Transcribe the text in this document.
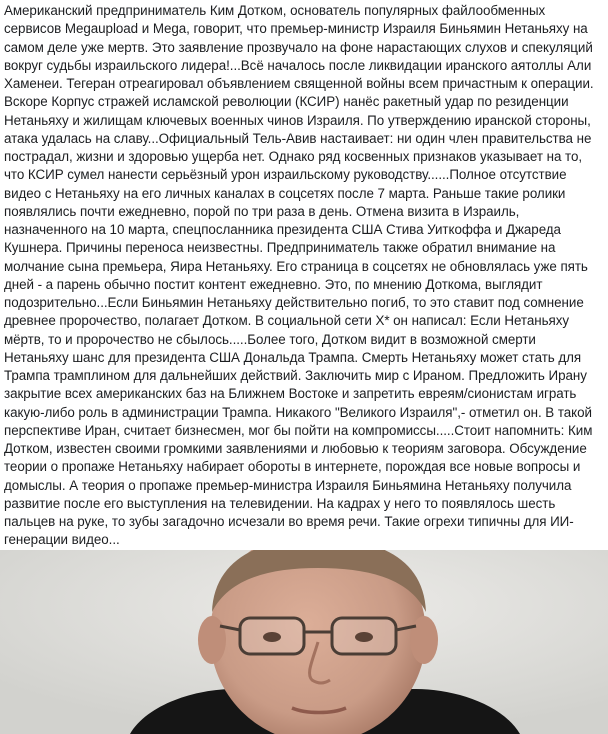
Американский предприниматель Ким Дотком, основатель популярных файлообменных сервисов Megaupload и Mega, говорит, что премьер-министр Израиля Биньямин Нетаньяху на самом деле уже мертв. Это заявление прозвучало на фоне нарастающих слухов и спекуляций вокруг судьбы израильского лидера!...Всё началось после ликвидации иранского аятоллы Али Хаменеи. Тегеран отреагировал объявлением священной войны всем причастным к операции. Вскоре Корпус стражей исламской революции (КСИР) нанёс ракетный удар по резиденции Нетаньяху и жилищам ключевых военных чинов Израиля. По утверждению иранской стороны, атака удалась на славу...Официальный Тель-Авив настаивает: ни один член правительства не пострадал, жизни и здоровью ущерба нет. Однако ряд косвенных признаков указывает на то, что КСИР сумел нанести серьёзный урон израильскому руководству......Полное отсутствие видео с Нетаньяху на его личных каналах в соцсетях после 7 марта. Раньше такие ролики появлялись почти ежедневно, порой по три раза в день. Отмена визита в Израиль, назначенного на 10 марта, спецпосланника президента США Стива Уиткоффа и Джареда Кушнера. Причины переноса неизвестны. Предприниматель также обратил внимание на молчание сына премьера, Яира Нетаньяху. Его страница в соцсетях не обновлялась уже пять дней - а парень обычно постит контент ежедневно. Это, по мнению Доткома, выглядит подозрительно...Если Биньямин Нетаньяху действительно погиб, то это ставит под сомнение древнее пророчество, полагает Дотком. В социальной сети X* он написал: Если Нетаньяху мёртв, то и пророчество не сбылось.....Более того, Дотком видит в возможной смерти Нетаньяху шанс для президента США Дональда Трампа. Смерть Нетаньяху может стать для Трампа трамплином для дальнейших действий. Заключить мир с Ираном. Предложить Ирану закрытие всех американских баз на Ближнем Востоке и запретить евреям/сионистам играть какую-либо роль в администрации Трампа. Никакого "Великого Израиля",- отметил он. В такой перспективе Иран, считает бизнесмен, мог бы пойти на компромиссы.....Стоит напомнить: Ким Дотком, известен своими громкими заявлениями и любовью к теориям заговора. Обсуждение теории о пропаже Нетаньяху набирает обороты в интернете, порождая все новые вопросы и домыслы. А теория о пропаже премьер-министра Израиля Биньямина Нетаньяху получила развитие после его выступления на телевидении. На кадрах у него то появлялось шесть пальцев на руке, то зубы загадочно исчезали во время речи. Такие огрехи типичны для ИИ-генерации видео...
